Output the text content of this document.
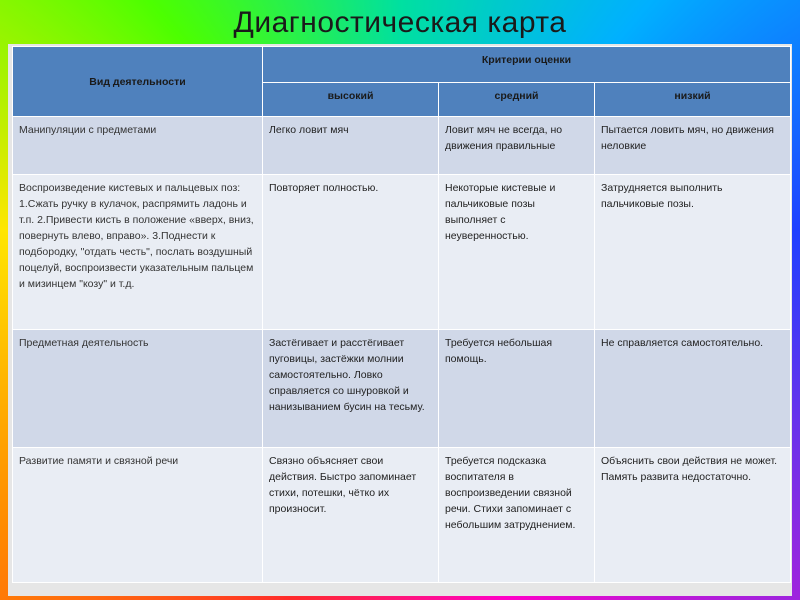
Диагностическая карта
Вид деятельности	Критерии оценки		
	высокий	средний	низкий
Манипуляции с предметами	Легко ловит мяч	Ловит мяч не всегда, но движения правильные	Пытается ловить мяч, но движения неловкие
Воспроизведение кистевых и пальцевых поз: 1.Сжать ручку в кулачок, распрямить ладонь и т.п. 2.Привести кисть в положение «вверх, вниз, повернуть влево, вправо». 3.Поднести к подбородку, "отдать честь", послать воздушный поцелуй, воспроизвести указательным пальцем и мизинцем "козу" и т.д.	Повторяет полностью.	Некоторые кистевые и пальчиковые позы выполняет с неуверенностью.	Затрудняется выполнить пальчиковые позы.
Предметная деятельность	Застёгивает и расстёгивает пуговицы, застёжки молнии самостоятельно. Ловко справляется со шнуровкой и нанизыванием бусин на тесьму.	Требуется небольшая помощь.	Не справляется самостоятельно.
Развитие памяти и связной речи	Связно объясняет свои действия. Быстро запоминает стихи, потешки, чётко их произносит.	Требуется подсказка воспитателя в воспроизведении связной речи. Стихи запоминает с небольшим затруднением.	Объяснить свои действия не может. Память развита недостаточно.
